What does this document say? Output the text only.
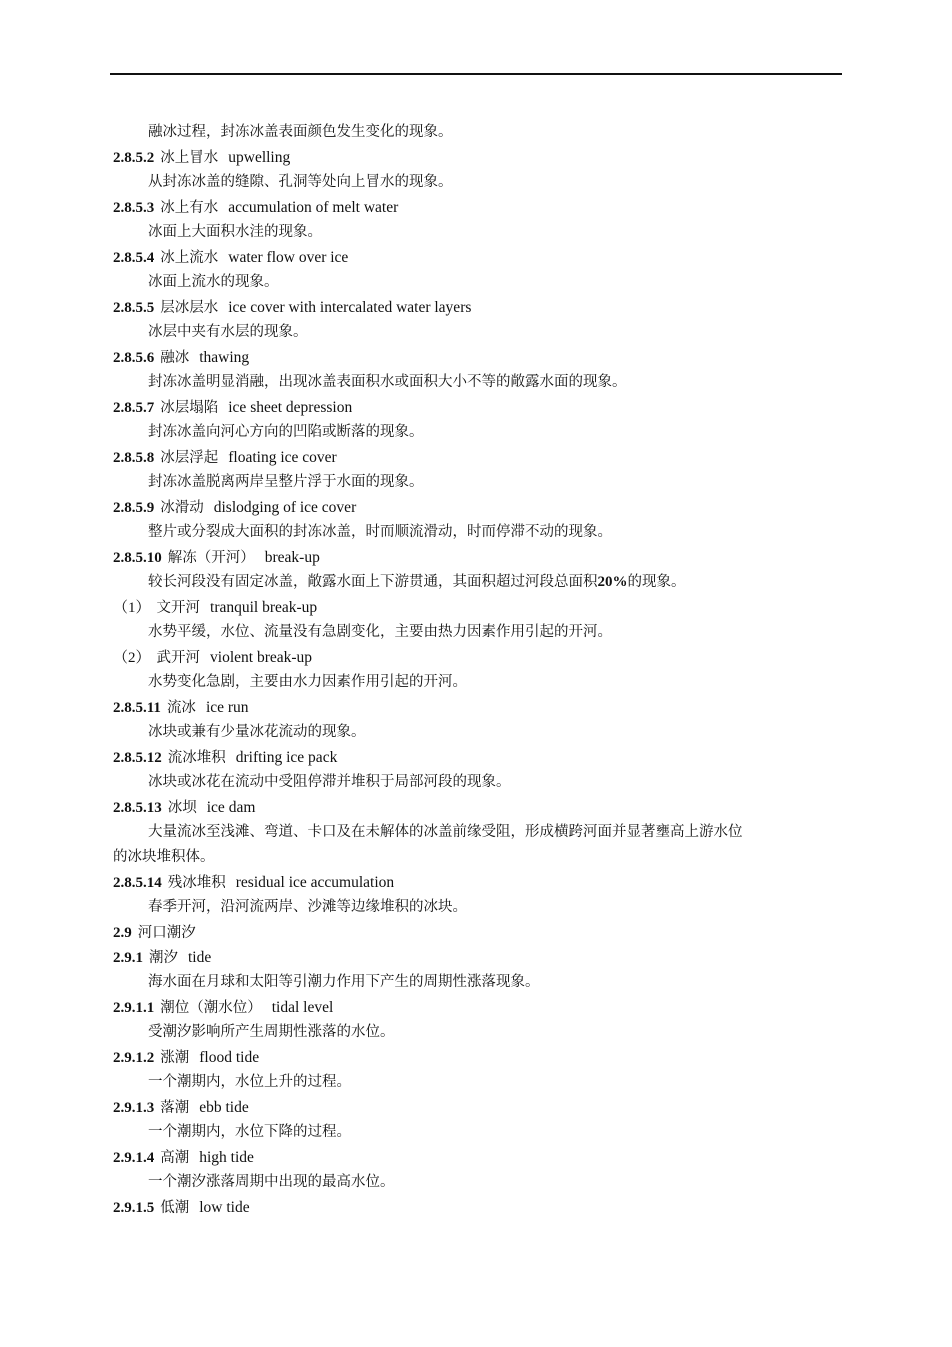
融冰过程，封冻冰盖表面颜色发生变化的现象。
2.8.5.2 冰上冒水 upwelling
从封冻冰盖的缝隙、孔洞等处向上冒水的现象。
2.8.5.3 冰上有水 accumulation of melt water
冰面上大面积水洼的现象。
2.8.5.4 冰上流水 water flow over ice
冰面上流水的现象。
2.8.5.5 层冰层水 ice cover with intercalated water layers
冰层中夹有水层的现象。
2.8.5.6 融冰 thawing
封冻冰盖明显消融，出现冰盖表面积水或面积大小不等的敞露水面的现象。
2.8.5.7 冰层塌陷 ice sheet depression
封冻冰盖向河心方向的凹陷或断落的现象。
2.8.5.8 冰层浮起 floating ice cover
封冻冰盖脱离两岸呈整片浮于水面的现象。
2.8.5.9 冰滑动 dislodging of ice cover
整片或分裂成大面积的封冻冰盖，时而顺流滑动，时而停滞不动的现象。
2.8.5.10 解冻（开河） break-up
较长河段没有固定冰盖，敞露水面上下游贯通，其面积超过河段总面积20%的现象。
（1） 文开河 tranquil break-up
水势平缓，水位、流量没有急剧变化，主要由热力因素作用引起的开河。
（2） 武开河 violent break-up
水势变化急剧，主要由水力因素作用引起的开河。
2.8.5.11 流冰 ice run
冰块或兼有少量冰花流动的现象。
2.8.5.12 流冰堆积 drifting ice pack
冰块或冰花在流动中受阻停滞并堆积于局部河段的现象。
2.8.5.13 冰坝 ice dam
大量流冰至浅滩、弯道、卡口及在未解体的冰盖前缘受阻，形成横跨河面并显著壅高上游水位
的冰块堆积体。
2.8.5.14 残冰堆积 residual ice accumulation
春季开河，沿河流两岸、沙滩等边缘堆积的冰块。
2.9 河口潮汐
2.9.1 潮汐 tide
海水面在月球和太阳等引潮力作用下产生的周期性涨落现象。
2.9.1.1 潮位（潮水位） tidal level
受潮汐影响所产生周期性涨落的水位。
2.9.1.2 涨潮 flood tide
一个潮期内，水位上升的过程。
2.9.1.3 落潮 ebb tide
一个潮期内，水位下降的过程。
2.9.1.4 高潮 high tide
一个潮汐涨落周期中出现的最高水位。
2.9.1.5 低潮 low tide
